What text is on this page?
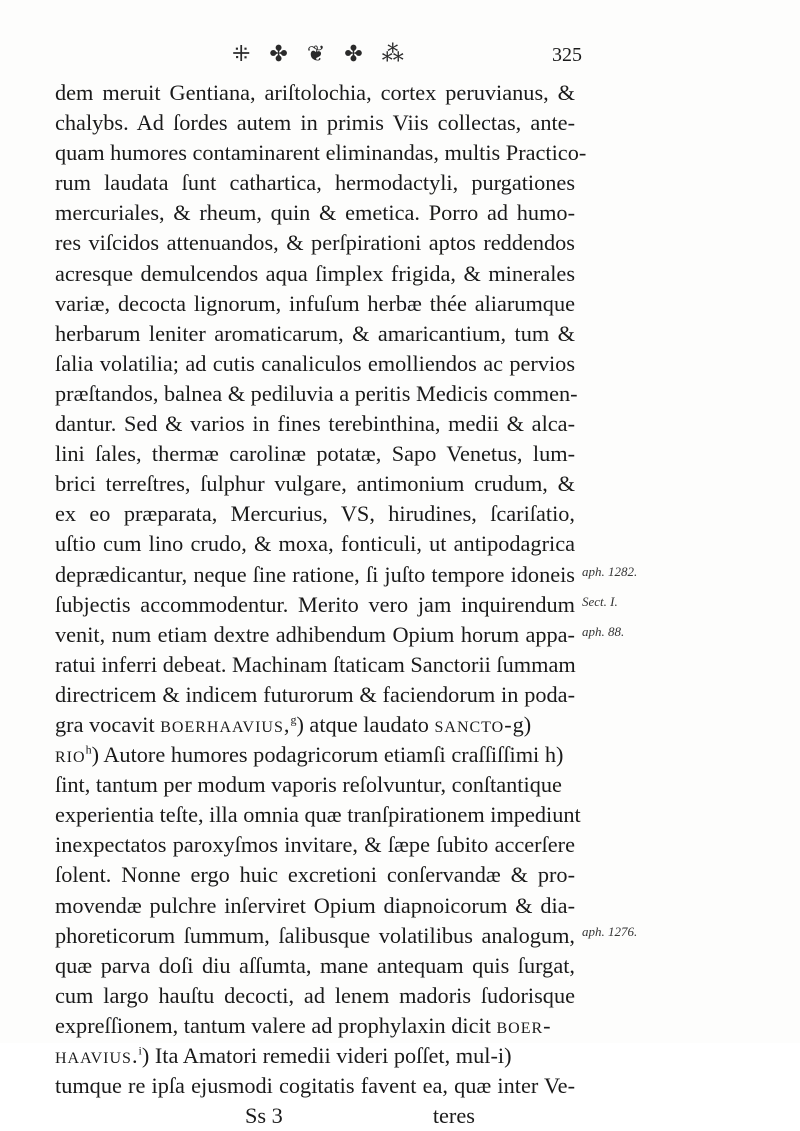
⁜ ✤ ❦ ✤ ⁂	325
dem meruit Gentiana, ariſtolochia, cortex peruvianus, &
chalybs. Ad ſordes autem in primis Viis collectas, ante-
quam humores contaminarent eliminandas, multis Practico-
rum laudata ſunt cathartica, hermodactyli, purgationes
mercuriales, & rheum, quin & emetica. Porro ad humo-
res viſcidos attenuandos, & perſpirationi aptos reddendos
acresque demulcendos aqua ſimplex frigida, & minerales
variæ, decocta lignorum, infuſum herbæ thée aliarumque
herbarum leniter aromaticarum, & amaricantium, tum &
ſalia volatilia; ad cutis canaliculos emolliendos ac pervios
præſtandos, balnea & pediluvia a peritis Medicis commen-
dantur. Sed & varios in fines terebinthina, medii & alca-
lini ſales, thermæ carolinæ potatæ, Sapo Venetus, lum-
brici terreſtres, ſulphur vulgare, antimonium crudum, &
ex eo præparata, Mercurius, VS, hirudines, ſcariſatio,
uſtio cum lino crudo, & moxa, fonticuli, ut antipodagrica
deprædicantur, neque ſine ratione, ſi juſto tempore idoneis
ſubjectis accommodentur. Merito vero jam inquirendum
venit, num etiam dextre adhibendum Opium horum appa-
ratui inferri debeat. Machinam ſtaticam Sanctorii ſummam
directricem & indicem futurorum & faciendorum in poda-
gra vocavit boerhaavius,$^g$) atque laudato sancto-g)
rio$^h$) Autore humores podagricorum etiamſi craſſiſſimi h)
ſint, tantum per modum vaporis reſolvuntur, conſtantique
experientia teſte, illa omnia quæ tranſpirationem impediunt
inexpectatos paroxyſmos invitare, & ſæpe ſubito accerſere
ſolent. Nonne ergo huic excretioni conſervandæ & pro-
movendæ pulchre inſerviret Opium diapnoicorum & dia-
phoreticorum ſummum, ſalibusque volatilibus analogum,
quæ parva doſi diu aſſumta, mane antequam quis ſurgat,
cum largo hauſtu decocti, ad lenem madoris ſudorisque
expreſſionem, tantum valere ad prophylaxin dicit boer-
haavius.$^i$) Ita Amatori remedii videri poſſet, mul-i)
tumque re ipſa ejusmodi cogitatis favent ea, quæ inter Ve-
Ss 3	teres
aph. 1282.
Sect. I.
aph. 88.
aph. 1276.
